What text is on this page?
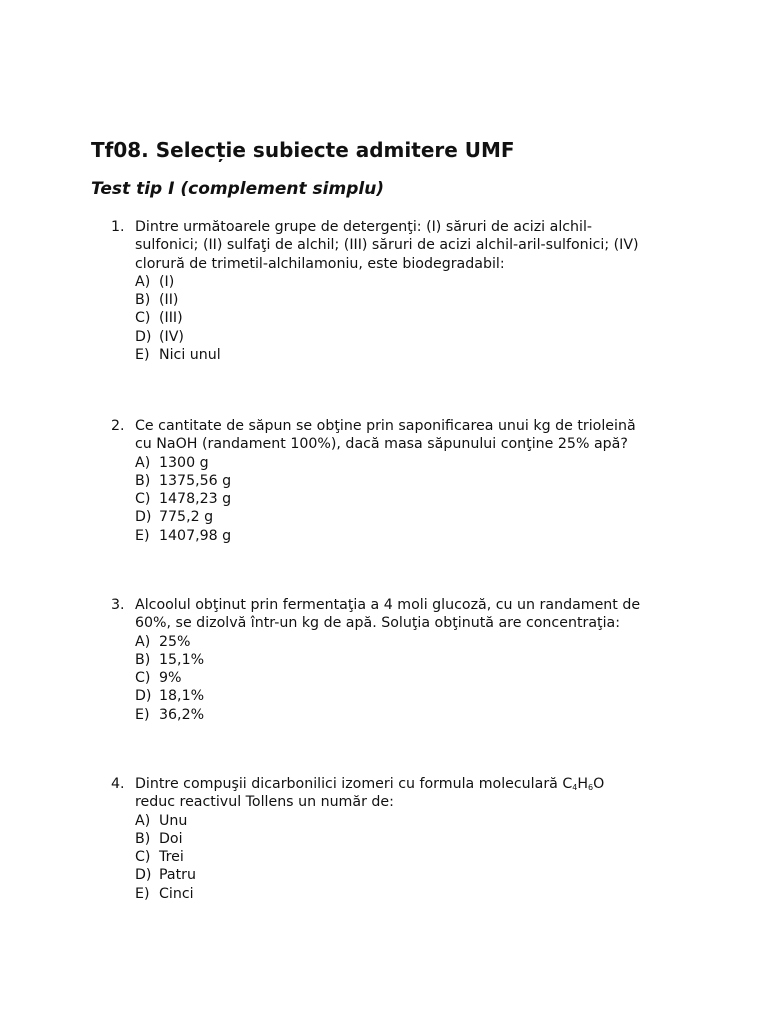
Tf08. Selecție subiecte admitere UMF
Test tip I (complement simplu)
1. Dintre următoarele grupe de detergenţi: (I) săruri de acizi alchil-

sulfonici; (II) sulfaţi de alchil; (III) săruri de acizi alchil-aril-sulfonici; (IV)

clorură de trimetil-alchilamoniu, este biodegradabil:

A) (I)
B) (II)
C) (III)
D) (IV)
E) Nici unul
2. Ce cantitate de săpun se obţine prin saponificarea unui kg de trioleină

cu NaOH (randament 100%), dacă masa săpunului conţine 25% apă?

A) 1300 g
B) 1375,56 g
C) 1478,23 g
D) 775,2 g
E) 1407,98 g
3. Alcoolul obţinut prin fermentaţia a 4 moli glucoză, cu un randament de

60%, se dizolvă într-un kg de apă. Soluţia obţinută are concentraţia:

A) 25%
B) 15,1%
C) 9%
D) 18,1%
E) 36,2%
4. Dintre compuşii dicarbonilici izomeri cu formula moleculară $C_4H_6O$

reduc reactivul Tollens un număr de:

A) Unu
B) Doi
C) Trei
D) Patru
E) Cinci
